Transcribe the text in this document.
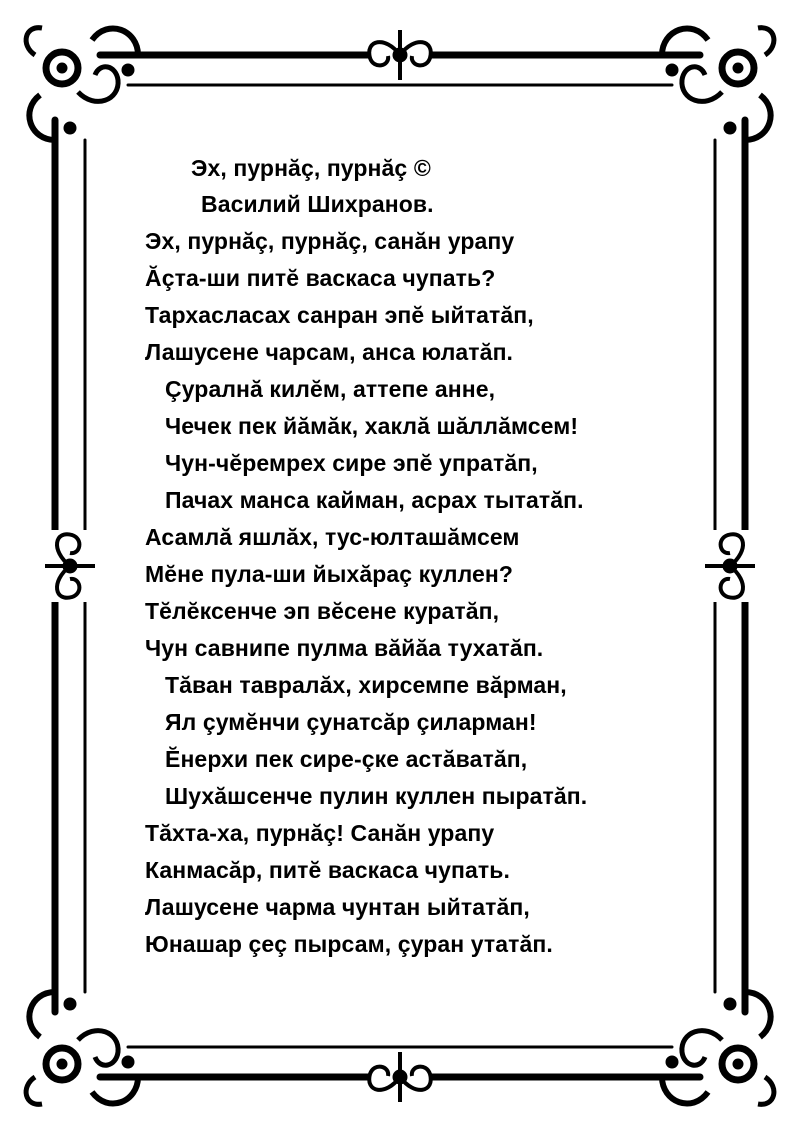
Эх, пурнăç, пурнăç ©
Василий Шихранов.
Эх, пурнăç, пурнăç, санăн урапу
Ăçта-ши питĕ васкаса чупать?
Тархасласах санран эпĕ ыйтатăп,
Лашусене чарсам, анса юлатăп.
Çуралнă килĕм, аттепе анне,
Чечек пек йăмăк, хаклă шăллăмсем!
Чун-чĕремрех сире эпĕ упратăп,
Пачах манса кайман, асрах тытатăп.
Асамлă яшлăх, тус-юлташăмсем
Мĕне пула-ши йыхăраç куллен?
Тĕлĕксенче эп вĕсене куратăп,
Чун савнипе пулма вăйăа тухатăп.
Тăван тавралăх, хирсемпе вăрман,
Ял çумĕнчи çунатсăр çиларман!
Ĕнерхи пек сире-çке астăватăп,
Шухăшсенче пулин куллен пыратăп.
Тăхта-ха, пурнăç! Санăн урапу
Канмасăр, питĕ васкаса чупать.
Лашусене чарма чунтан ыйтатăп,
Юнашар çеç пырсам, çуран утатăп.
